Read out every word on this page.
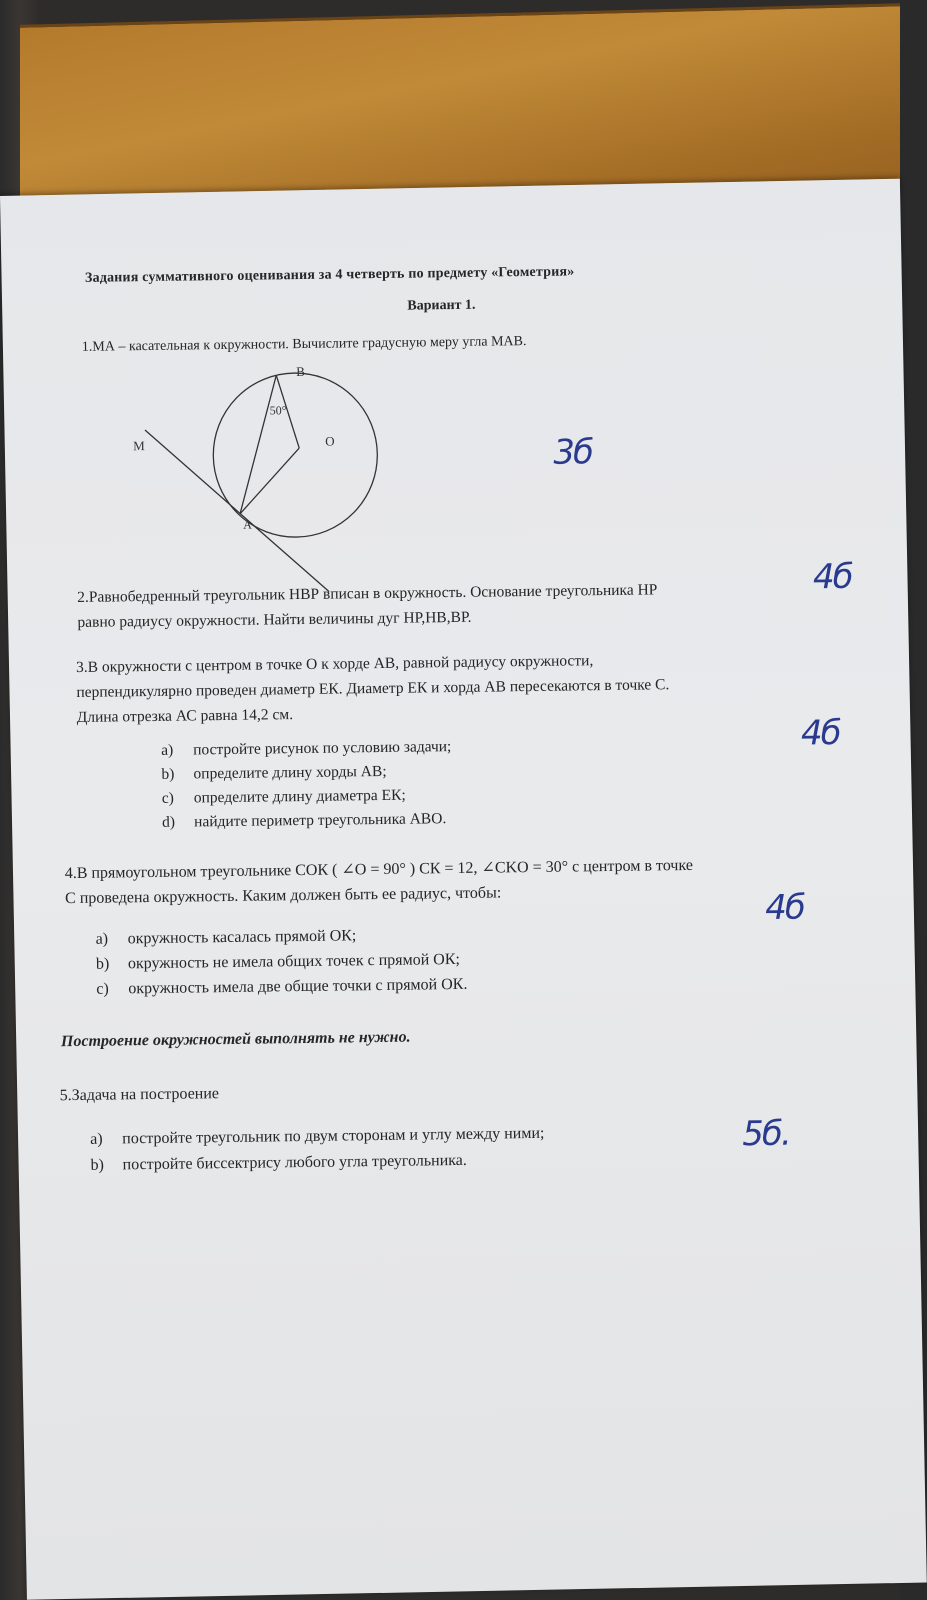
Задания суммативного оценивания за 4 четверть по предмету «Геометрия»
Вариант 1.
1.МА – касательная к окружности. Вычислите градусную меру угла МАВ.
B
50°
M	O
A
3б
2.Равнобедренный треугольник НВР вписан в окружность. Основание треугольника НР
равно радиусу окружности. Найти величины дуг НР,НВ,ВР.
4б
3.В окружности с центром в точке О к хорде АВ, равной радиусу окружности,
перпендикулярно проведен диаметр ЕК. Диаметр ЕК и хорда АВ пересекаются в точке С.
Длина отрезка АС равна 14,2 см.
a) постройте рисунок по условию задачи;
b) определите длину хорды АВ;
c) определите длину диаметра ЕК;
d) найдите периметр треугольника АВО.
4б
4.В прямоугольном треугольнике СОК ( ∠O = 90° ) СК = 12, ∠CKO = 30° с центром в точке
С проведена окружность. Каким должен быть ее радиус, чтобы:
a) окружность касалась прямой ОК;
b) окружность не имела общих точек с прямой ОК;
c) окружность имела две общие точки с прямой ОК.
4б
Построение окружностей выполнять не нужно.
5.Задача на построение
a) постройте треугольник по двум сторонам и углу между ними;
b) постройте биссектрису любого угла треугольника.
5б.
